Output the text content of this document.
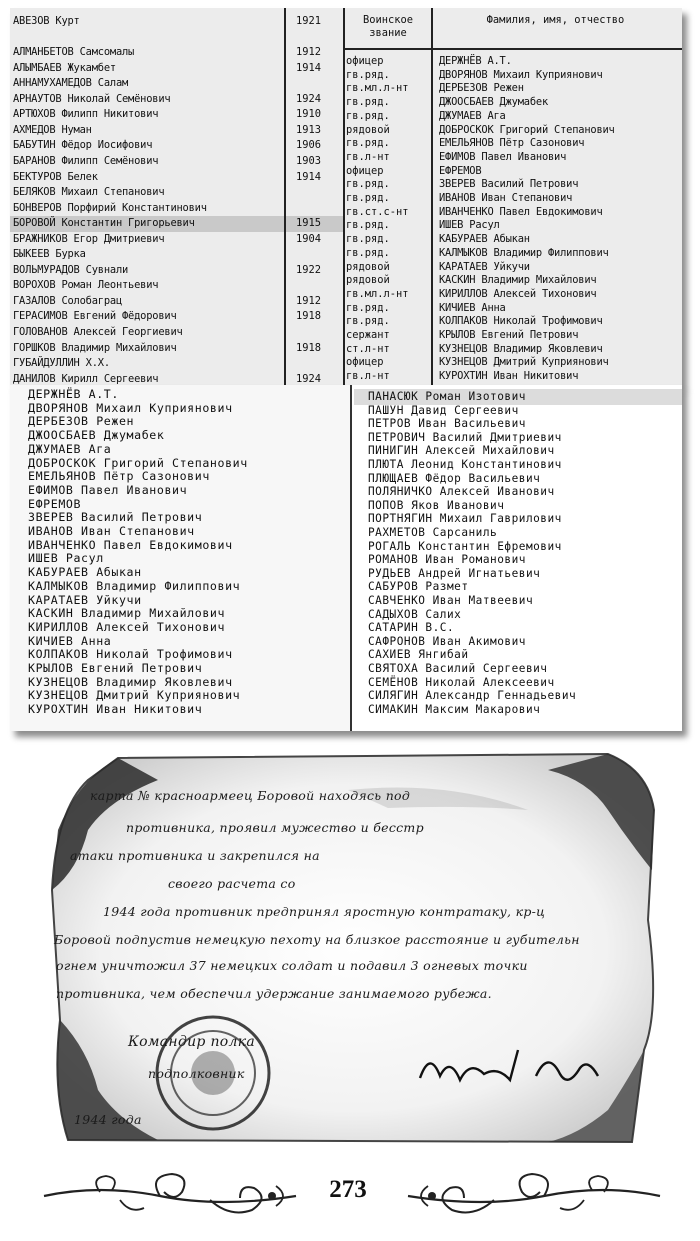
АВЕЗОВ Курт	1921
АЛМАНБЕТОВ Самсомалы	1912
АЛЫМБАЕВ Жукамбет	1914
АННАМУХАМЕДОВ Салам
АРНАУТОВ Николай Семёнович	1924
АРТЮХОВ Филипп Никитович	1910
АХМЕДОВ Нуман	1913
БАБУТИН Фёдор Иосифович	1906
БАРАНОВ Филипп Семёнович	1903
БЕКТУРОВ Белек	1914
БЕЛЯКОВ Михаил Степанович
БОНВЕРОВ Порфирий Константинович
БОРОВОЙ Константин Григорьевич	1915
БРАЖНИКОВ Егор Дмитриевич	1904
БЫКЕЕВ Бурка
ВОЛЬМУРАДОВ Сувнали	1922
ВОРОХОВ Роман Леонтьевич
ГАЗАЛОВ Солобаграц	1912
ГЕРАСИМОВ Евгений Фёдорович	1918
ГОЛОВАНОВ Алексей Георгиевич
ГОРШКОВ Владимир Михайлович	1918
ГУБАЙДУЛЛИН Х.Х.
ДАНИЛОВ Кирилл Сергеевич	1924
Воинское звание
Фамилия, имя, отчество
офицер	ДЕРЖНЁВ А.Т.
гв.ряд.	ДВОРЯНОВ Михаил Куприянович
гв.мл.л-нт	ДЕРБЕЗОВ Режен
гв.ряд.	ДЖООСБАЕВ Джумабек
гв.ряд.	ДЖУМАЕВ Ага
рядовой	ДОБРОСКОК Григорий Степанович
гв.ряд.	ЕМЕЛЬЯНОВ Пётр Сазонович
гв.л-нт	ЕФИМОВ Павел Иванович
офицер	ЕФРЕМОВ
гв.ряд.	ЗВЕРЕВ Василий Петрович
гв.ряд.	ИВАНОВ Иван Степанович
гв.ст.с-нт	ИВАНЧЕНКО Павел Евдокимович
гв.ряд.	ИШЕВ Расул
гв.ряд.	КАБУРАЕВ Абыкан
гв.ряд.	КАЛМЫКОВ Владимир Филиппович
рядовой	КАРАТАЕВ Уйкучи
рядовой	КАСКИН Владимир Михайлович
гв.мл.л-нт	КИРИЛЛОВ Алексей Тихонович
гв.ряд.	КИЧИЕВ Анна
гв.ряд.	КОЛПАКОВ Николай Трофимович
сержант	КРЫЛОВ Евгений Петрович
ст.л-нт	КУЗНЕЦОВ Владимир Яковлевич
офицер	КУЗНЕЦОВ Дмитрий Куприянович
гв.л-нт	КУРОХТИН Иван Никитович
ДЕРЖНЁВ А.Т.
ДВОРЯНОВ Михаил Куприянович
ДЕРБЕЗОВ Режен
ДЖООСБАЕВ Джумабек
ДЖУМАЕВ Ага
ДОБРОСКОК Григорий Степанович
ЕМЕЛЬЯНОВ Пётр Сазонович
ЕФИМОВ Павел Иванович
ЕФРЕМОВ
ЗВЕРЕВ Василий Петрович
ИВАНОВ Иван Степанович
ИВАНЧЕНКО Павел Евдокимович
ИШЕВ Расул
КАБУРАЕВ Абыкан
КАЛМЫКОВ Владимир Филиппович
КАРАТАЕВ Уйкучи
КАСКИН Владимир Михайлович
КИРИЛЛОВ Алексей Тихонович
КИЧИЕВ Анна
КОЛПАКОВ Николай Трофимович
КРЫЛОВ Евгений Петрович
КУЗНЕЦОВ Владимир Яковлевич
КУЗНЕЦОВ Дмитрий Куприянович
КУРОХТИН Иван Никитович
ПАНАСЮК Роман Изотович
ПАШУН Давид Сергеевич
ПЕТРОВ Иван Васильевич
ПЕТРОВИЧ Василий Дмитриевич
ПИНИГИН Алексей Михайлович
ПЛЮТА Леонид Константинович
ПЛЮЩАЕВ Фёдор Васильевич
ПОЛЯНИЧКО Алексей Иванович
ПОПОВ Яков Иванович
ПОРТНЯГИН Михаил Гаврилович
РАХМЕТОВ Сарсаниль
РОГАЛЬ Константин Ефремович
РОМАНОВ Иван Романович
РУДЬЕВ Андрей Игнатьевич
САБУРОВ Размет
САВЧЕНКО Иван Матвеевич
САДЫХОВ Салих
САТАРИН В.С.
САФРОНОВ Иван Акимович
САХИЕВ Янгибай
СВЯТОХА Василий Сергеевич
СЕМЁНОВ Николай Алексеевич
СИЛЯГИН Александр Геннадьевич
СИМАКИН Максим Макарович
карта № красноармеец Боровой находясь под
противника, проявил мужество и бесстр
атаки противника и закрепился на
своего расчета со
1944 года противник предпринял яростную контратаку, кр-ц
Боровой подпустив немецкую пехоту на близкое расстояние и губительн
огнем уничтожил 37 немецких солдат и подавил 3 огневых точки
противника, чем обеспечил удержание занимаемого рубежа.
Командир полка
подполковник
1944 года
273
